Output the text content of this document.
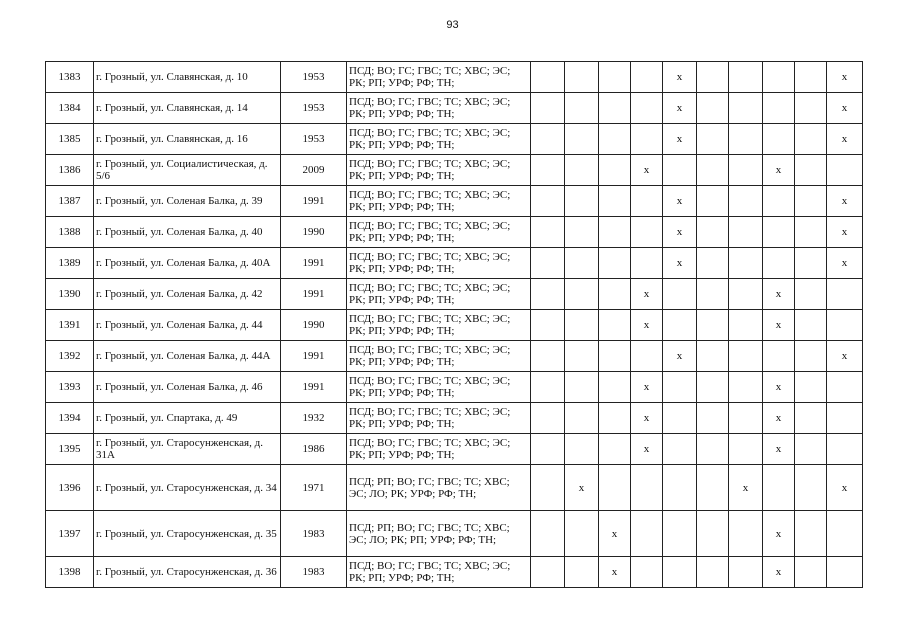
93
1383	г. Грозный, ул. Славянская, д. 10	1953	ПСД; ВО; ГС; ГВС; ТС; ХВС; ЭС; РК; РП; УРФ; РФ; ТН;					x					x
1384	г. Грозный, ул. Славянская, д. 14	1953	ПСД; ВО; ГС; ГВС; ТС; ХВС; ЭС; РК; РП; УРФ; РФ; ТН;					x					x
1385	г. Грозный, ул. Славянская, д. 16	1953	ПСД; ВО; ГС; ГВС; ТС; ХВС; ЭС; РК; РП; УРФ; РФ; ТН;					x					x
1386	г. Грозный, ул. Социалистическая, д. 5/6	2009	ПСД; ВО; ГС; ГВС; ТС; ХВС; ЭС; РК; РП; УРФ; РФ; ТН;				x				x		
1387	г. Грозный, ул. Соленая Балка, д. 39	1991	ПСД; ВО; ГС; ГВС; ТС; ХВС; ЭС; РК; РП; УРФ; РФ; ТН;					x					x
1388	г. Грозный, ул. Соленая Балка, д. 40	1990	ПСД; ВО; ГС; ГВС; ТС; ХВС; ЭС; РК; РП; УРФ; РФ; ТН;					x					x
1389	г. Грозный, ул. Соленая Балка, д. 40А	1991	ПСД; ВО; ГС; ГВС; ТС; ХВС; ЭС; РК; РП; УРФ; РФ; ТН;					x					x
1390	г. Грозный, ул. Соленая Балка, д. 42	1991	ПСД; ВО; ГС; ГВС; ТС; ХВС; ЭС; РК; РП; УРФ; РФ; ТН;				x				x		
1391	г. Грозный, ул. Соленая Балка, д. 44	1990	ПСД; ВО; ГС; ГВС; ТС; ХВС; ЭС; РК; РП; УРФ; РФ; ТН;				x				x		
1392	г. Грозный, ул. Соленая Балка, д. 44А	1991	ПСД; ВО; ГС; ГВС; ТС; ХВС; ЭС; РК; РП; УРФ; РФ; ТН;					x					x
1393	г. Грозный, ул. Соленая Балка, д. 46	1991	ПСД; ВО; ГС; ГВС; ТС; ХВС; ЭС; РК; РП; УРФ; РФ; ТН;				x				x		
1394	г. Грозный, ул. Спартака, д. 49	1932	ПСД; ВО; ГС; ГВС; ТС; ХВС; ЭС; РК; РП; УРФ; РФ; ТН;				x				x		
1395	г. Грозный, ул. Старосунженская, д. 31А	1986	ПСД; ВО; ГС; ГВС; ТС; ХВС; ЭС; РК; РП; УРФ; РФ; ТН;				x				x		
1396	г. Грозный, ул. Старосунженская, д. 34	1971	ПСД; РП; ВО; ГС; ГВС; ТС; ХВС; ЭС; ЛО; РК; УРФ; РФ; ТН;		x					x			x
1397	г. Грозный, ул. Старосунженская, д. 35	1983	ПСД; РП; ВО; ГС; ГВС; ТС; ХВС; ЭС; ЛО; РК; РП; УРФ; РФ; ТН;			x					x		
1398	г. Грозный, ул. Старосунженская, д. 36	1983	ПСД; ВО; ГС; ГВС; ТС; ХВС; ЭС; РК; РП; УРФ; РФ; ТН;			x					x		
